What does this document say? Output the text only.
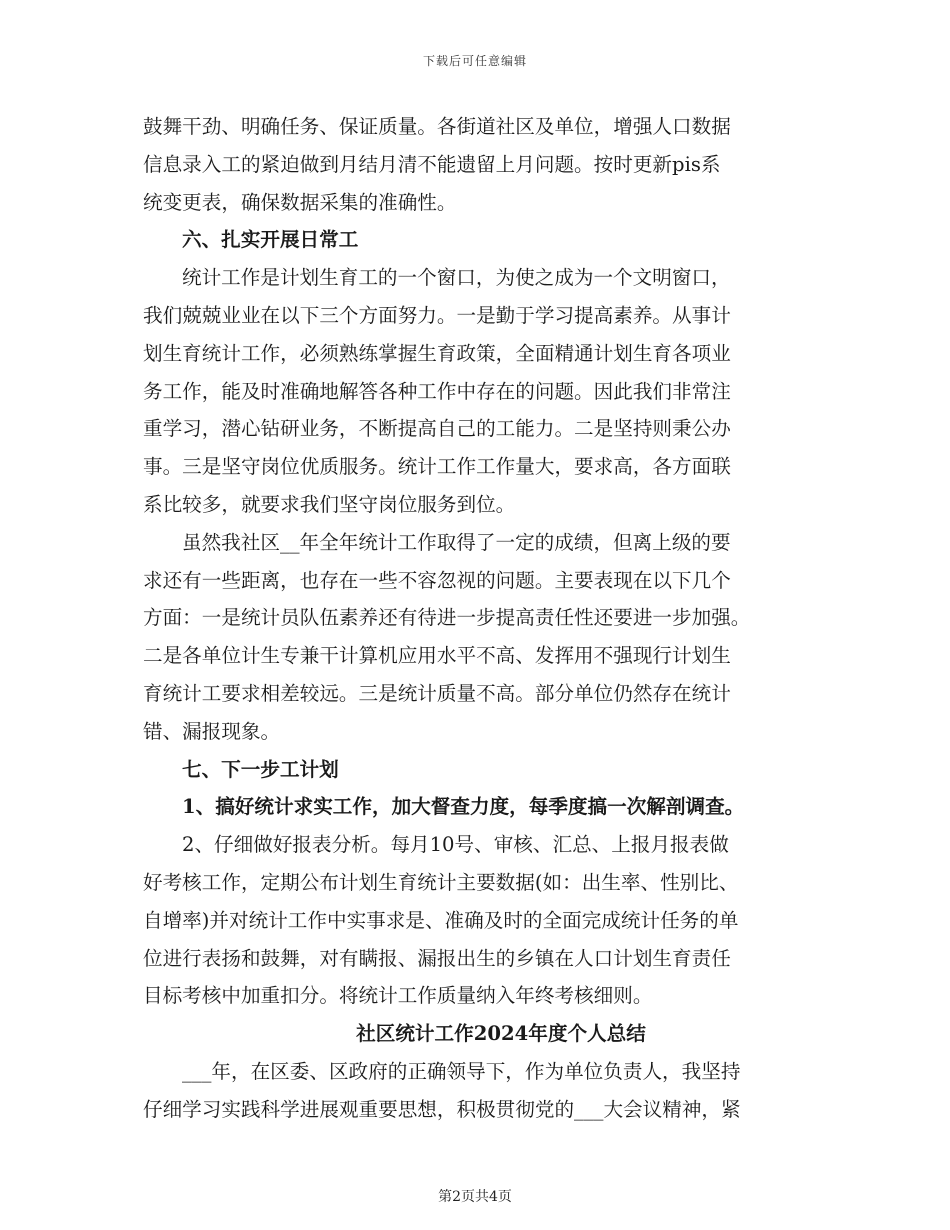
下载后可任意编辑
鼓舞干劲、明确任务、保证质量。各街道社区及单位，增强人口数据
信息录入工的紧迫做到月结月清不能遗留上月问题。按时更新pis系
统变更表，确保数据采集的准确性。
六、扎实开展日常工
统计工作是计划生育工的一个窗口，为使之成为一个文明窗口，
我们兢兢业业在以下三个方面努力。一是勤于学习提高素养。从事计
划生育统计工作，必须熟练掌握生育政策，全面精通计划生育各项业
务工作，能及时准确地解答各种工作中存在的问题。因此我们非常注
重学习，潜心钻研业务，不断提高自己的工能力。二是坚持则秉公办
事。三是坚守岗位优质服务。统计工作工作量大，要求高，各方面联
系比较多，就要求我们坚守岗位服务到位。
虽然我社区__年全年统计工作取得了一定的成绩，但离上级的要
求还有一些距离，也存在一些不容忽视的问题。主要表现在以下几个
方面：一是统计员队伍素养还有待进一步提高责任性还要进一步加强。
二是各单位计生专兼干计算机应用水平不高、发挥用不强现行计划生
育统计工要求相差较远。三是统计质量不高。部分单位仍然存在统计
错、漏报现象。
七、下一步工计划
1、搞好统计求实工作，加大督查力度，每季度搞一次解剖调查。
2、仔细做好报表分析。每月10号、审核、汇总、上报月报表做
好考核工作，定期公布计划生育统计主要数据(如：出生率、性别比、
自增率)并对统计工作中实事求是、准确及时的全面完成统计任务的单
位进行表扬和鼓舞，对有瞒报、漏报出生的乡镇在人口计划生育责任
目标考核中加重扣分。将统计工作质量纳入年终考核细则。
社区统计工作2024年度个人总结
___年，在区委、区政府的正确领导下，作为单位负责人，我坚持
仔细学习实践科学进展观重要思想，积极贯彻党的___大会议精神，紧
第2页共4页
